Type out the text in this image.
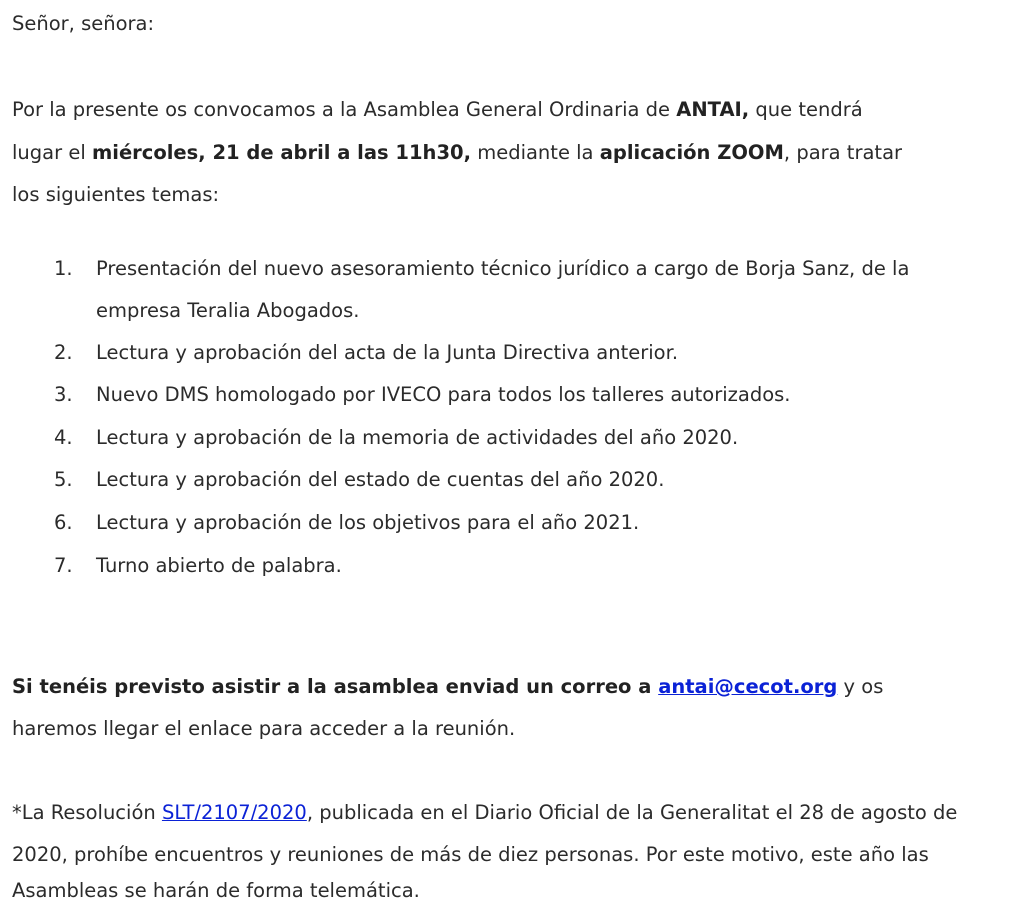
Señor, señora:
Por la presente os convocamos a la Asamblea General Ordinaria de ANTAI, que tendrá
lugar el miércoles, 21 de abril a las 11h30, mediante la aplicación ZOOM, para tratar
los siguientes temas:
1. Presentación del nuevo asesoramiento técnico jurídico a cargo de Borja Sanz, de la
empresa Teralia Abogados.
2. Lectura y aprobación del acta de la Junta Directiva anterior.
3. Nuevo DMS homologado por IVECO para todos los talleres autorizados.
4. Lectura y aprobación de la memoria de actividades del año 2020.
5. Lectura y aprobación del estado de cuentas del año 2020.
6. Lectura y aprobación de los objetivos para el año 2021.
7. Turno abierto de palabra.
Si tenéis previsto asistir a la asamblea enviad un correo a antai@cecot.org y os
haremos llegar el enlace para acceder a la reunión.
*La Resolución SLT/2107/2020, publicada en el Diario Oficial de la Generalitat el 28 de agosto de
2020, prohíbe encuentros y reuniones de más de diez personas. Por este motivo, este año las
Asambleas se harán de forma telemática.
